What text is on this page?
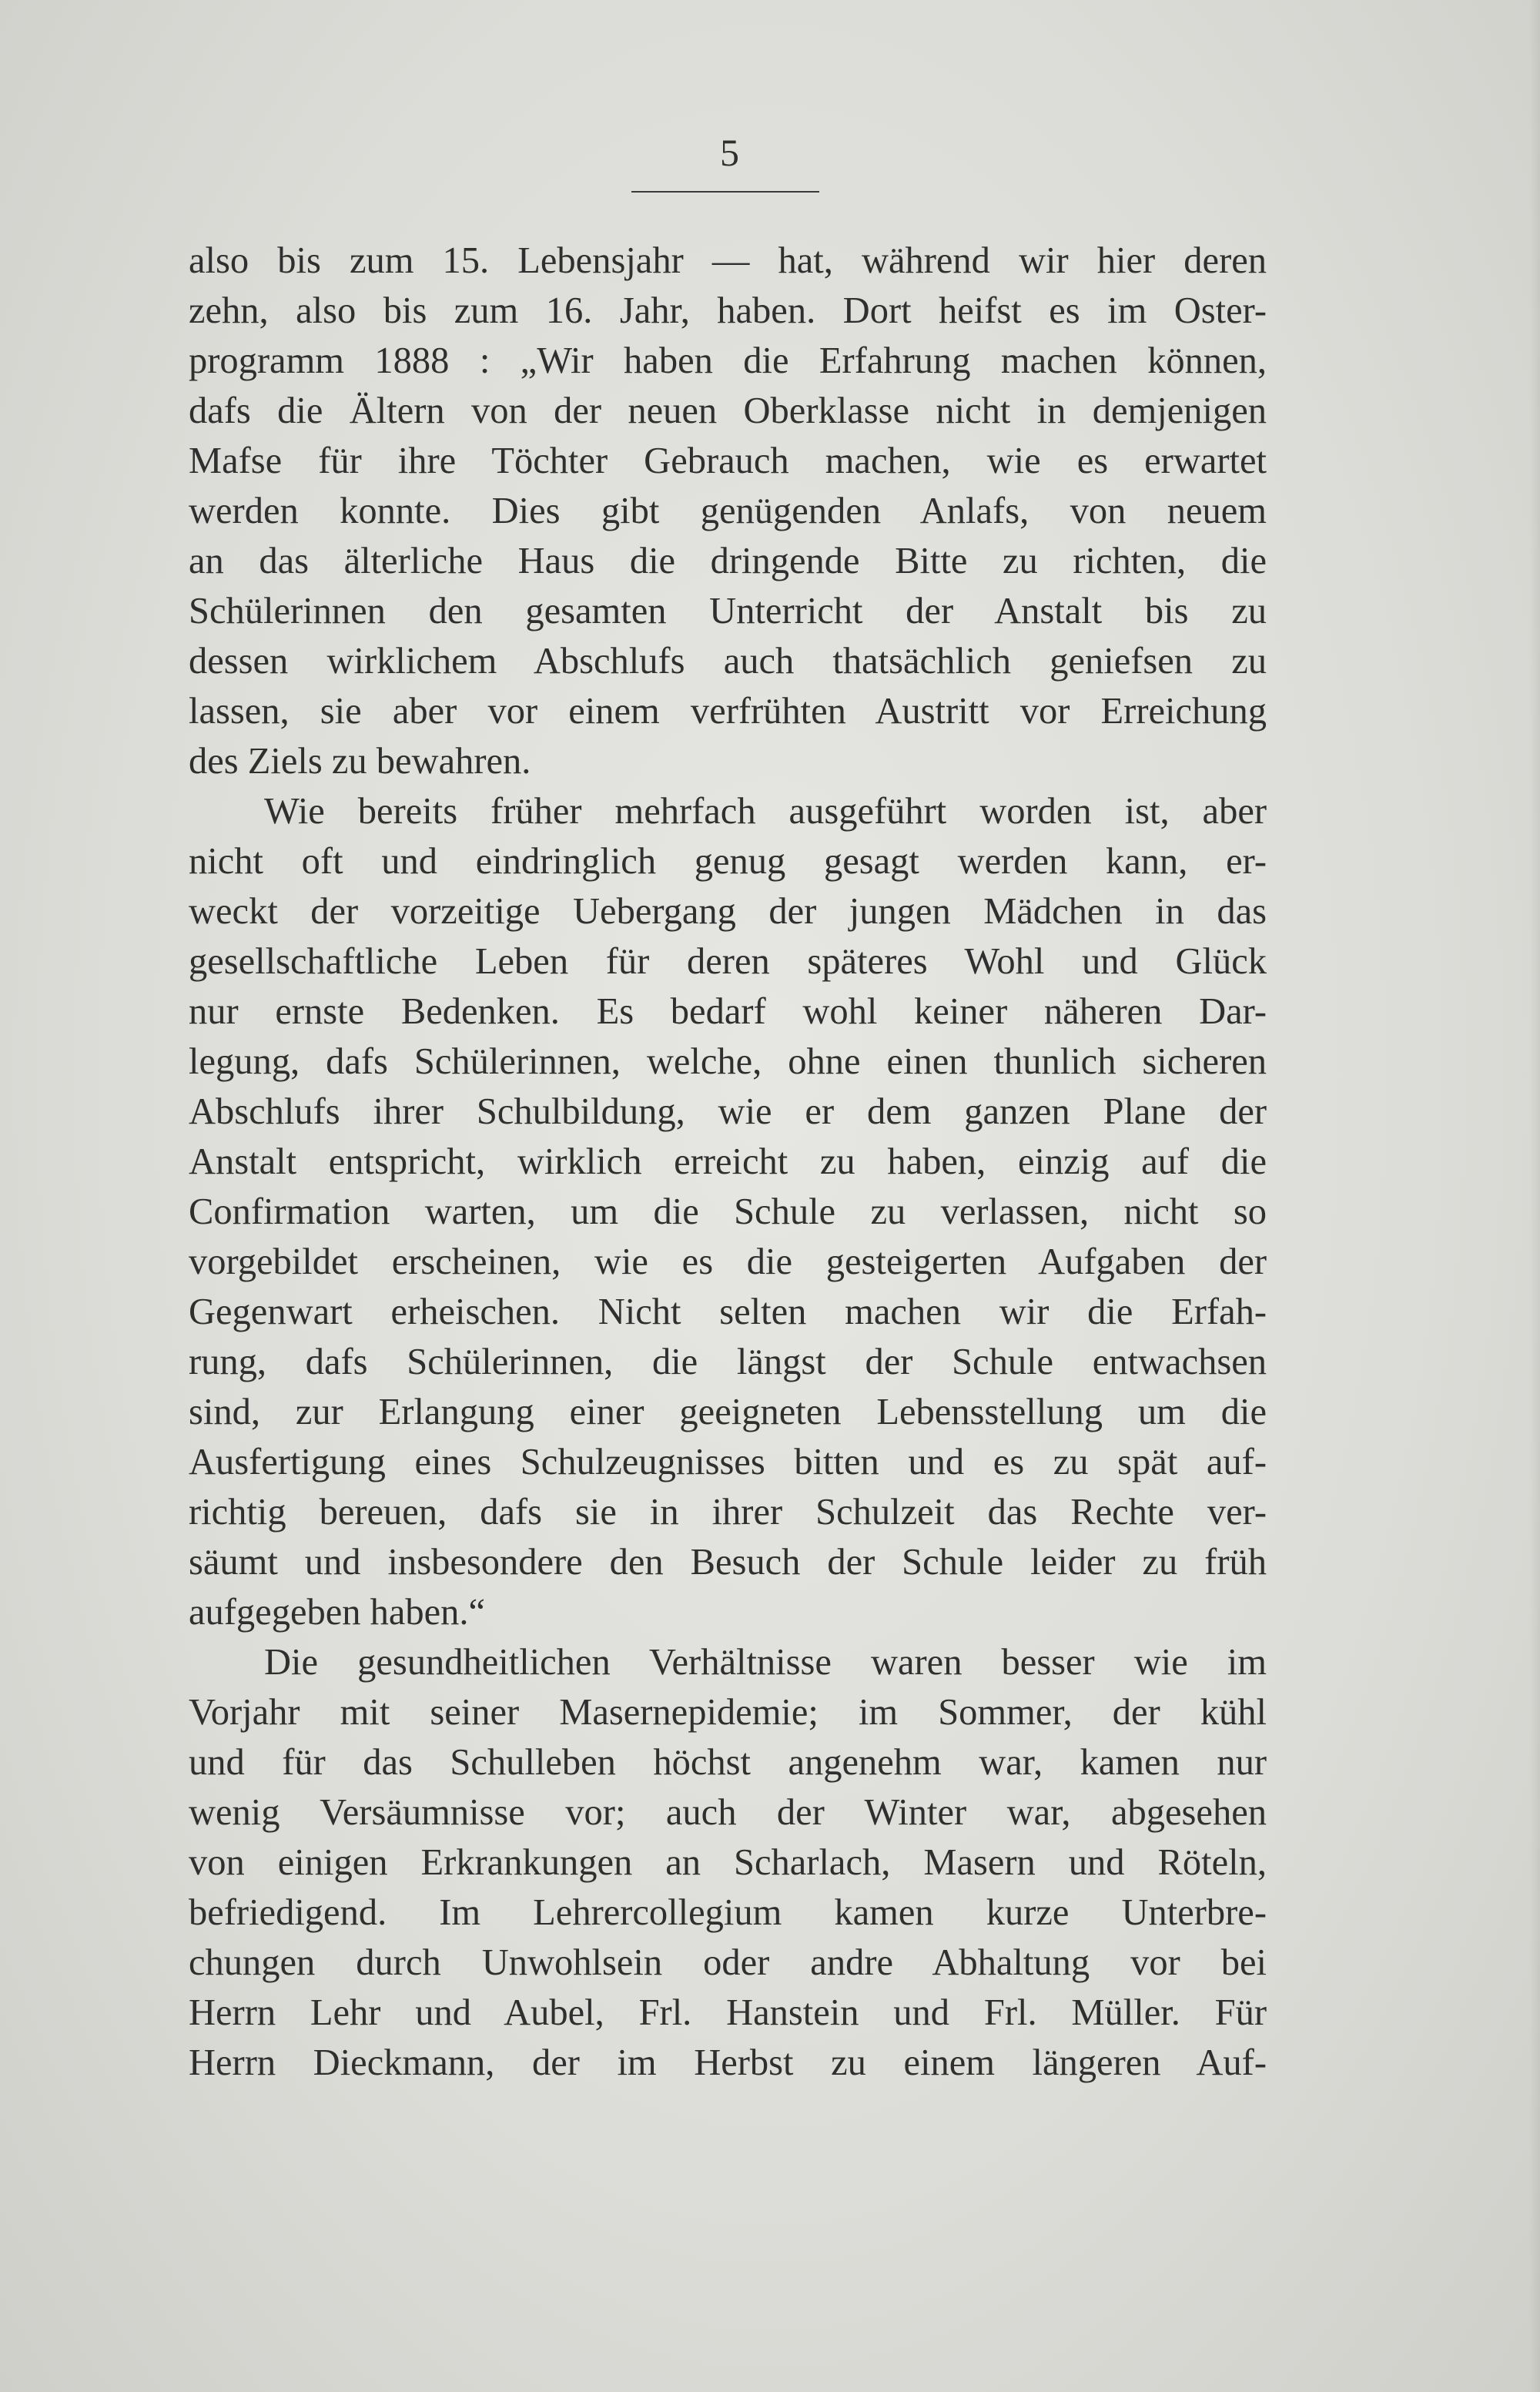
5
also bis zum 15. Lebensjahr — hat, während wir hier deren
zehn, also bis zum 16. Jahr, haben. Dort heifst es im Oster-
programm 1888 : „Wir haben die Erfahrung machen können,
dafs die Ältern von der neuen Oberklasse nicht in demjenigen
Mafse für ihre Töchter Gebrauch machen, wie es erwartet
werden konnte. Dies gibt genügenden Anlafs, von neuem
an das älterliche Haus die dringende Bitte zu richten, die
Schülerinnen den gesamten Unterricht der Anstalt bis zu
dessen wirklichem Abschlufs auch thatsächlich geniefsen zu
lassen, sie aber vor einem verfrühten Austritt vor Erreichung
des Ziels zu bewahren.
Wie bereits früher mehrfach ausgeführt worden ist, aber
nicht oft und eindringlich genug gesagt werden kann, er-
weckt der vorzeitige Uebergang der jungen Mädchen in das
gesellschaftliche Leben für deren späteres Wohl und Glück
nur ernste Bedenken. Es bedarf wohl keiner näheren Dar-
legung, dafs Schülerinnen, welche, ohne einen thunlich sicheren
Abschlufs ihrer Schulbildung, wie er dem ganzen Plane der
Anstalt entspricht, wirklich erreicht zu haben, einzig auf die
Confirmation warten, um die Schule zu verlassen, nicht so
vorgebildet erscheinen, wie es die gesteigerten Aufgaben der
Gegenwart erheischen. Nicht selten machen wir die Erfah-
rung, dafs Schülerinnen, die längst der Schule entwachsen
sind, zur Erlangung einer geeigneten Lebensstellung um die
Ausfertigung eines Schulzeugnisses bitten und es zu spät auf-
richtig bereuen, dafs sie in ihrer Schulzeit das Rechte ver-
säumt und insbesondere den Besuch der Schule leider zu früh
aufgegeben haben.“
Die gesundheitlichen Verhältnisse waren besser wie im
Vorjahr mit seiner Masernepidemie; im Sommer, der kühl
und für das Schulleben höchst angenehm war, kamen nur
wenig Versäumnisse vor; auch der Winter war, abgesehen
von einigen Erkrankungen an Scharlach, Masern und Röteln,
befriedigend. Im Lehrercollegium kamen kurze Unterbre-
chungen durch Unwohlsein oder andre Abhaltung vor bei
Herrn Lehr und Aubel, Frl. Hanstein und Frl. Müller. Für
Herrn Dieckmann, der im Herbst zu einem längeren Auf-
